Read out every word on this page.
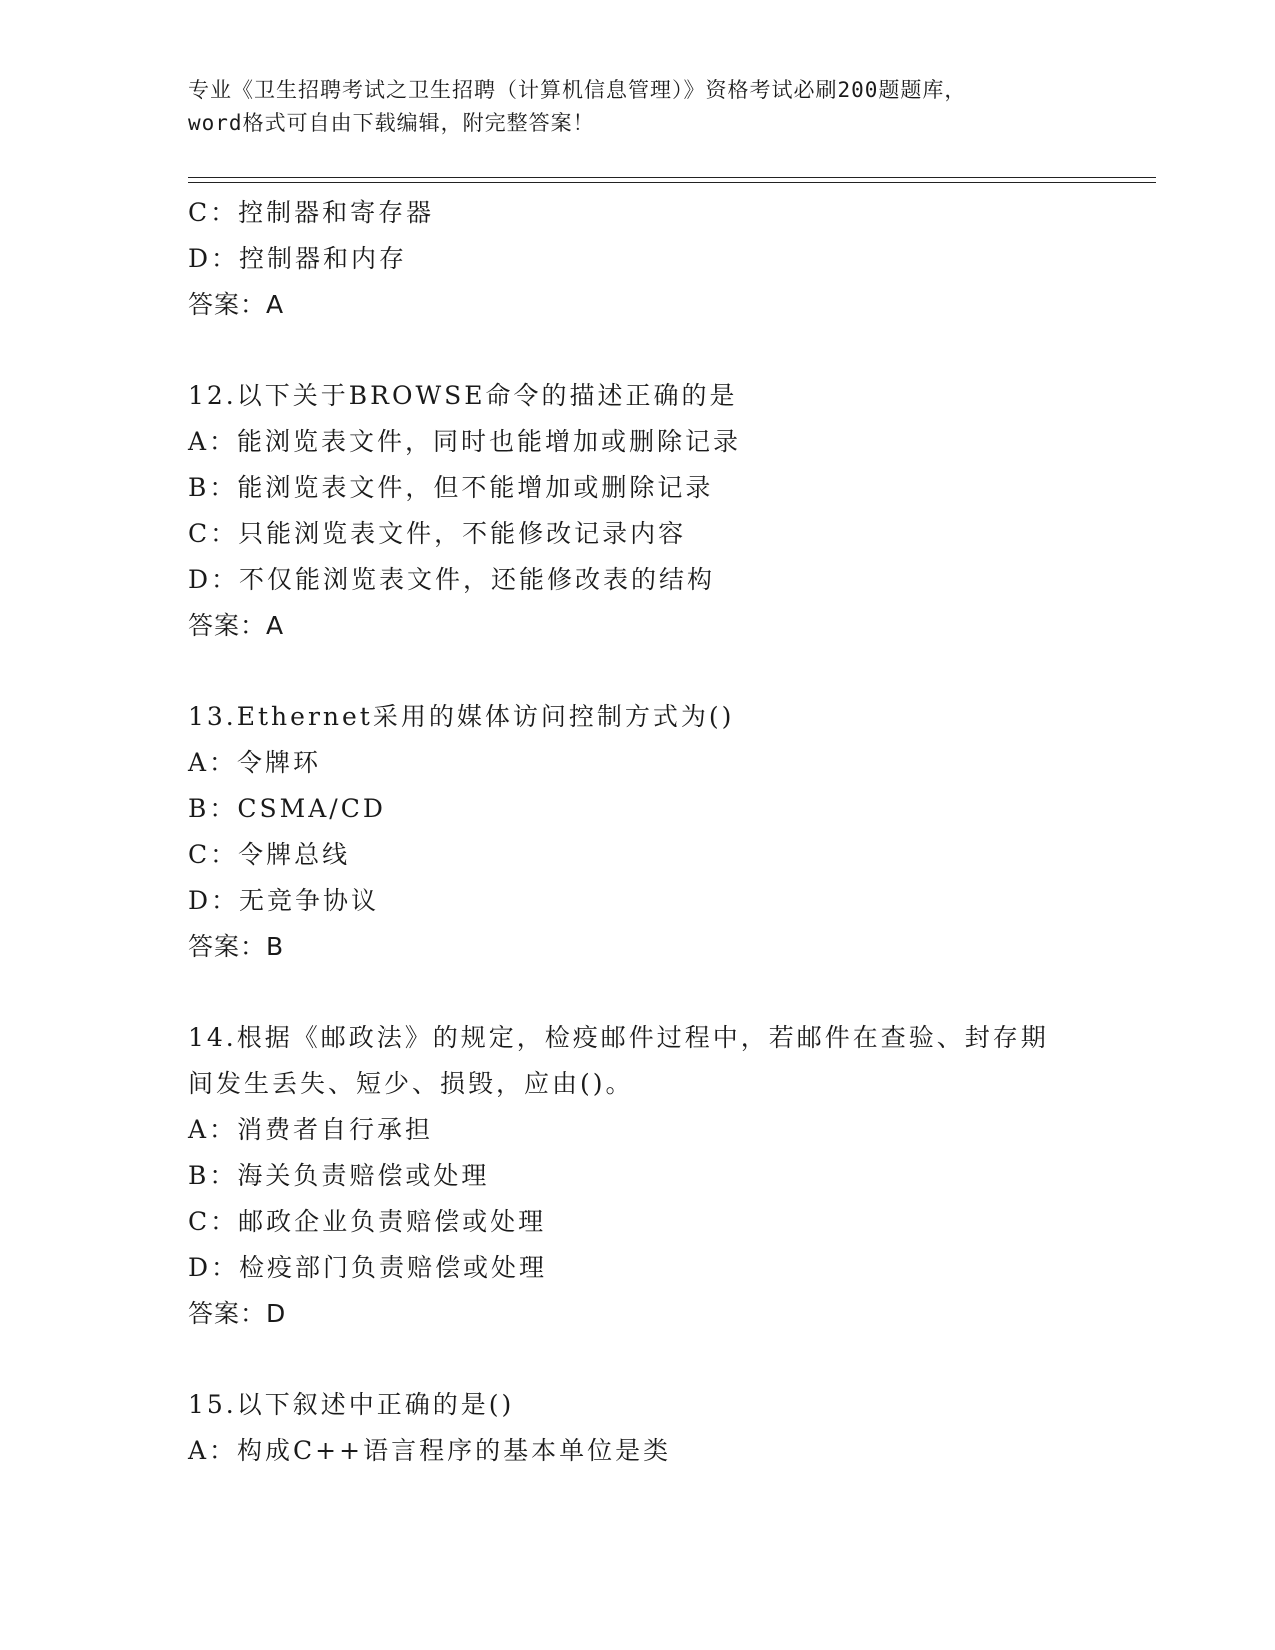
专业《卫生招聘考试之卫生招聘（计算机信息管理）》资格考试必刷200题题库，
word格式可自由下载编辑，附完整答案！
C：控制器和寄存器
D：控制器和内存
答案：A
12.以下关于BROWSE命令的描述正确的是
A：能浏览表文件，同时也能增加或删除记录
B：能浏览表文件，但不能增加或删除记录
C：只能浏览表文件，不能修改记录内容
D：不仅能浏览表文件，还能修改表的结构
答案：A
13.Ethernet采用的媒体访问控制方式为()
A：令牌环
B：CSMA/CD
C：令牌总线
D：无竞争协议
答案：B
14.根据《邮政法》的规定，检疫邮件过程中，若邮件在查验、封存期
间发生丢失、短少、损毁，应由()。
A：消费者自行承担
B：海关负责赔偿或处理
C：邮政企业负责赔偿或处理
D：检疫部门负责赔偿或处理
答案：D
15.以下叙述中正确的是()
A：构成C++语言程序的基本单位是类
